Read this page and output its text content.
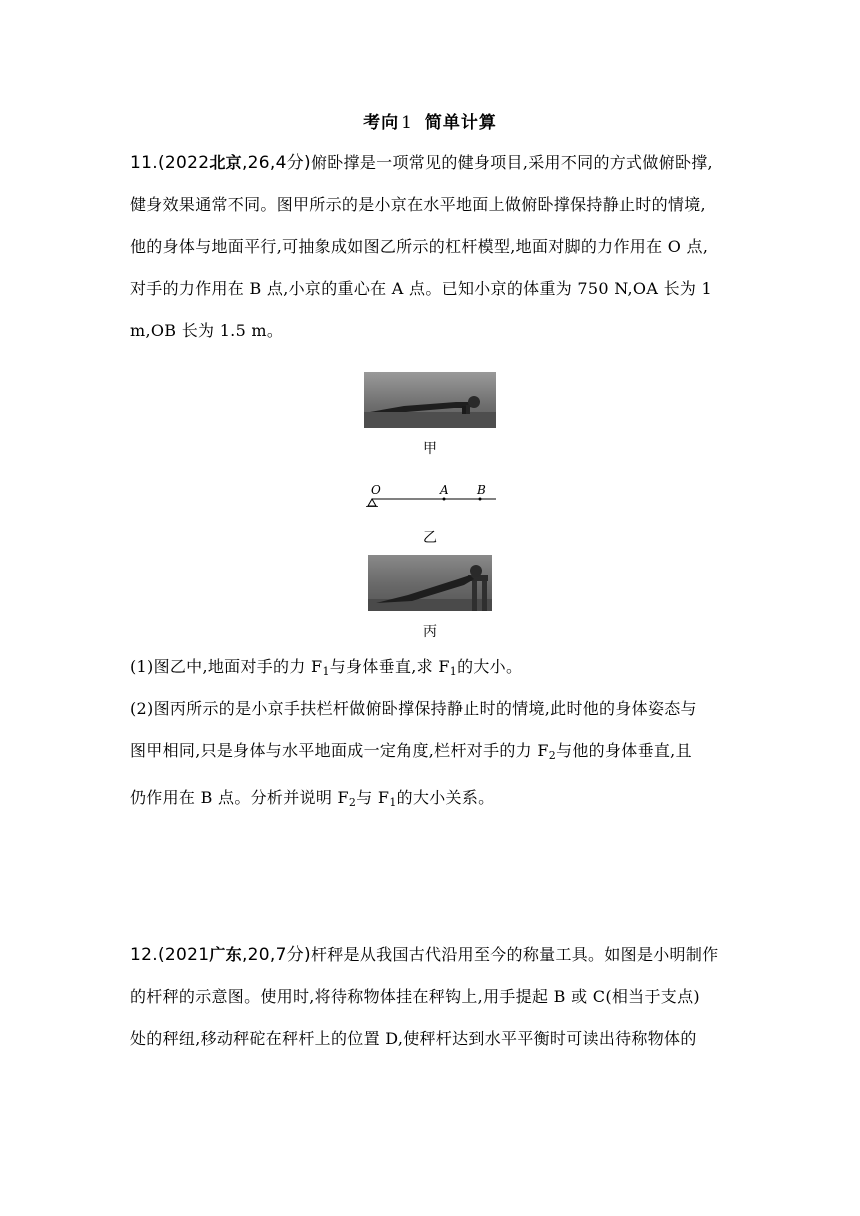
考向 1 简单计算
11.(2022北京,26,4分)俯卧撑是一项常见的健身项目,采用不同的方式做俯卧撑,
健身效果通常不同。图甲所示的是小京在水平地面上做俯卧撑保持静止时的情境,
他的身体与地面平行,可抽象成如图乙所示的杠杆模型,地面对脚的力作用在 O 点,
对手的力作用在 B 点,小京的重心在 A 点。已知小京的体重为 750 N,OA 长为 1
m,OB 长为 1.5 m。
甲
O	A B
乙
丙
(1)图乙中,地面对手的力 $F_1$与身体垂直,求 $F_1$的大小。
(2)图丙所示的是小京手扶栏杆做俯卧撑保持静止时的情境,此时他的身体姿态与
图甲相同,只是身体与水平地面成一定角度,栏杆对手的力 $F_2$与他的身体垂直,且
仍作用在 B 点。分析并说明 $F_2$与 $F_1$的大小关系。
12.(2021广东,20,7分)杆秤是从我国古代沿用至今的称量工具。如图是小明制作
的杆秤的示意图。使用时,将待称物体挂在秤钩上,用手提起 B 或 C(相当于支点)
处的秤纽,移动秤砣在秤杆上的位置 D,使秤杆达到水平平衡时可读出待称物体的
